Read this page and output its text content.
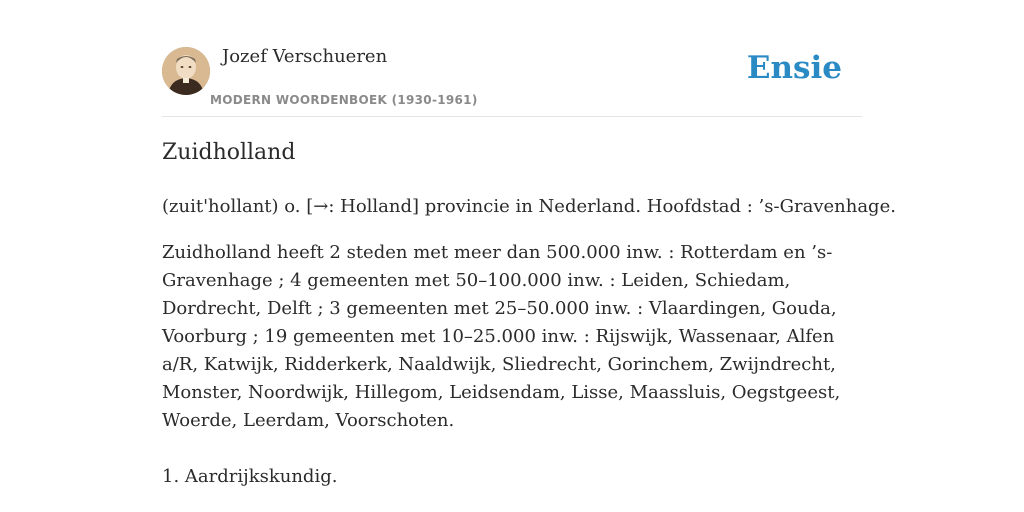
Jozef Verschueren
MODERN WOORDENBOEK (1930-1961)
Ensie
Zuidholland
(zuit'hollant) o. [→: Holland] provincie in Nederland. Hoofdstad : ’s-Gravenhage.

Zuidholland heeft 2 steden met meer dan 500.000 inw. : Rotterdam en ’s-Gravenhage ; 4 gemeenten met 50–100.000 inw. : Leiden, Schiedam, Dordrecht, Delft ; 3 gemeenten met 25–50.000 inw. : Vlaardingen, Gouda, Voorburg ; 19 gemeenten met 10–25.000 inw. : Rijswijk, Wassenaar, Alfen a/R, Katwijk, Ridderkerk, Naaldwijk, Sliedrecht, Gorinchem, Zwijndrecht, Monster, Noordwijk, Hillegom, Leidsendam, Lisse, Maassluis, Oegstgeest, Woerde, Leerdam, Voorschoten.

1. Aardrijkskundig.
